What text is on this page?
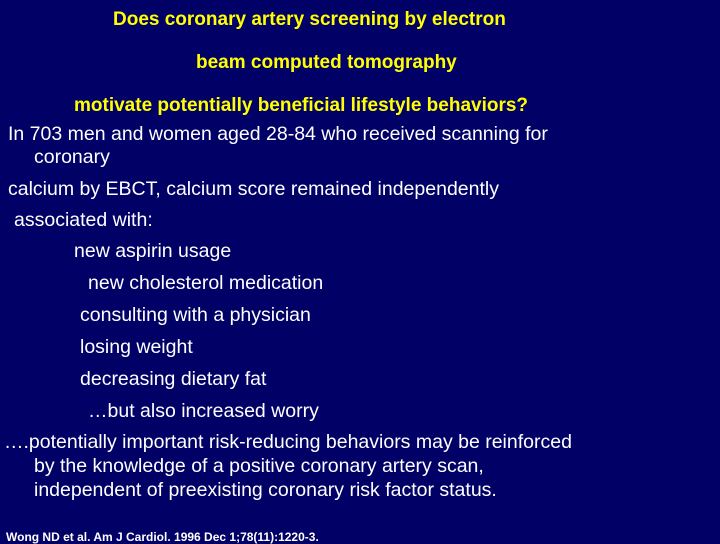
Does coronary artery screening by electron
beam computed tomography
motivate potentially beneficial lifestyle behaviors?
In 703 men and women aged 28-84 who received scanning for
coronary
calcium by EBCT, calcium score remained independently
associated with:
new aspirin usage
new cholesterol medication
consulting with a physician
losing weight
decreasing dietary fat
…but also increased worry
….potentially important risk-reducing behaviors may be reinforced
by the knowledge of a positive coronary artery scan,
independent of preexisting coronary risk factor status.
Wong ND et al. Am J Cardiol. 1996 Dec 1;78(11):1220-3.
